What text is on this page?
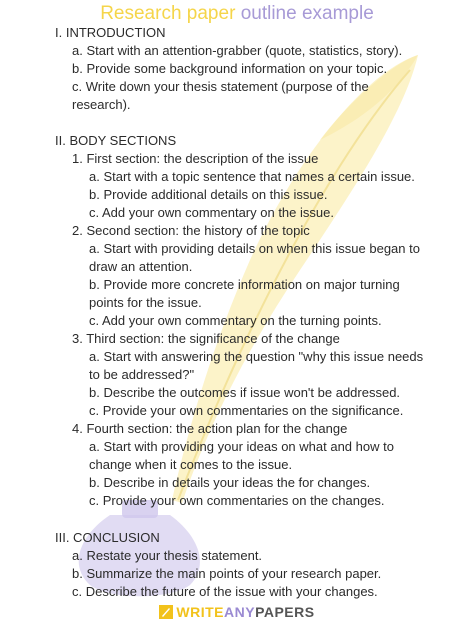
Research paper outline example
I. INTRODUCTION
a. Start with an attention-grabber (quote, statistics, story).
b. Provide some background information on your topic.
c. Write down your thesis statement (purpose of the
research).
II. BODY SECTIONS
1. First section: the description of the issue
a. Start with a topic sentence that names a certain issue.
b. Provide additional details on this issue.
c. Add your own commentary on the issue.
2. Second section: the history of the topic
a. Start with providing details on when this issue began to
draw an attention.
b. Provide more concrete information on major turning
points for the issue.
c. Add your own commentary on the turning points.
3. Third section: the significance of the change
a. Start with answering the question "why this issue needs
to be addressed?"
b. Describe the outcomes if issue won't be addressed.
c. Provide your own commentaries on the significance.
4. Fourth section: the action plan for the change
a. Start with providing your ideas on what and how to
change when it comes to the issue.
b. Describe in details your ideas the for changes.
c. Provide your own commentaries on the changes.
III. CONCLUSION
a. Restate your thesis statement.
b. Summarize the main points of your research paper.
c. Describe the future of the issue with your changes.
WRITEANYPAPERS
